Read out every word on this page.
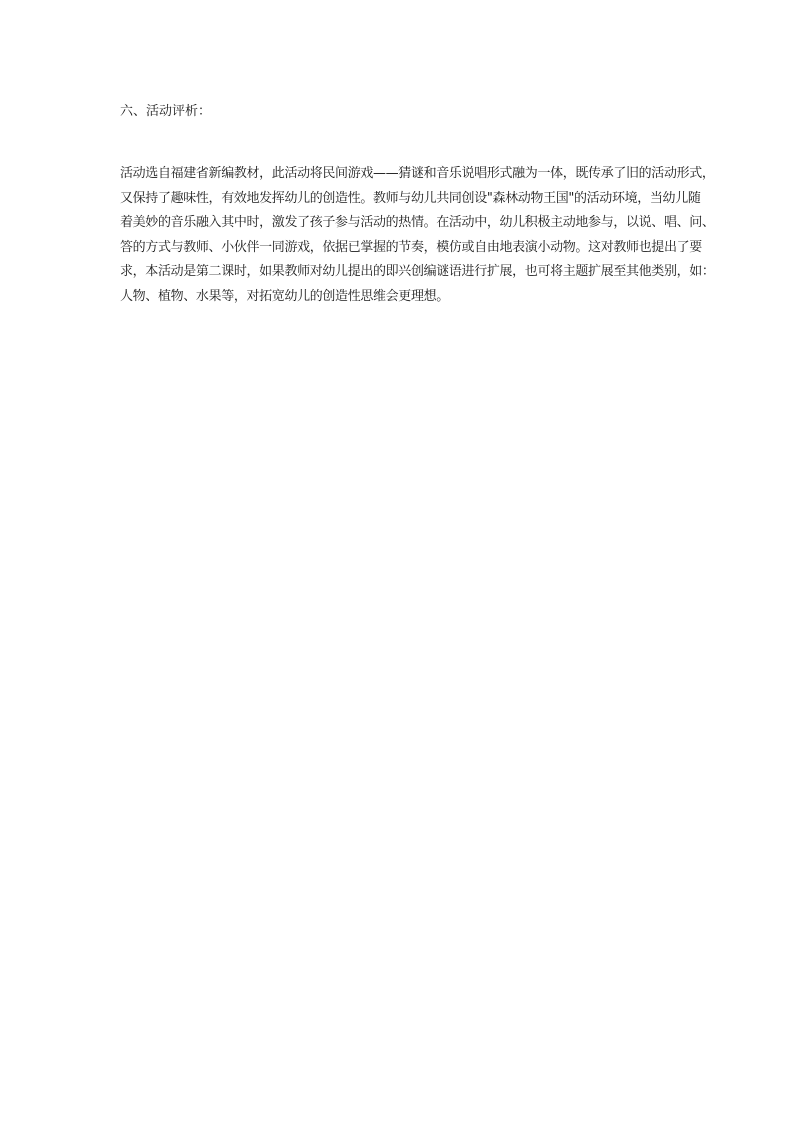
六、活动评析：
活动选自福建省新编教材，此活动将民间游戏——猜谜和音乐说唱形式融为一体，既传承了旧的活动形式，
又保持了趣味性，有效地发挥幼儿的创造性。教师与幼儿共同创设"森林动物王国"的活动环境，当幼儿随
着美妙的音乐融入其中时，激发了孩子参与活动的热情。在活动中，幼儿积极主动地参与，以说、唱、问、
答的方式与教师、小伙伴一同游戏，依据已掌握的节奏，模仿或自由地表演小动物。这对教师也提出了要
求，本活动是第二课时，如果教师对幼儿提出的即兴创编谜语进行扩展，也可将主题扩展至其他类别，如：
人物、植物、水果等，对拓宽幼儿的创造性思维会更理想。
